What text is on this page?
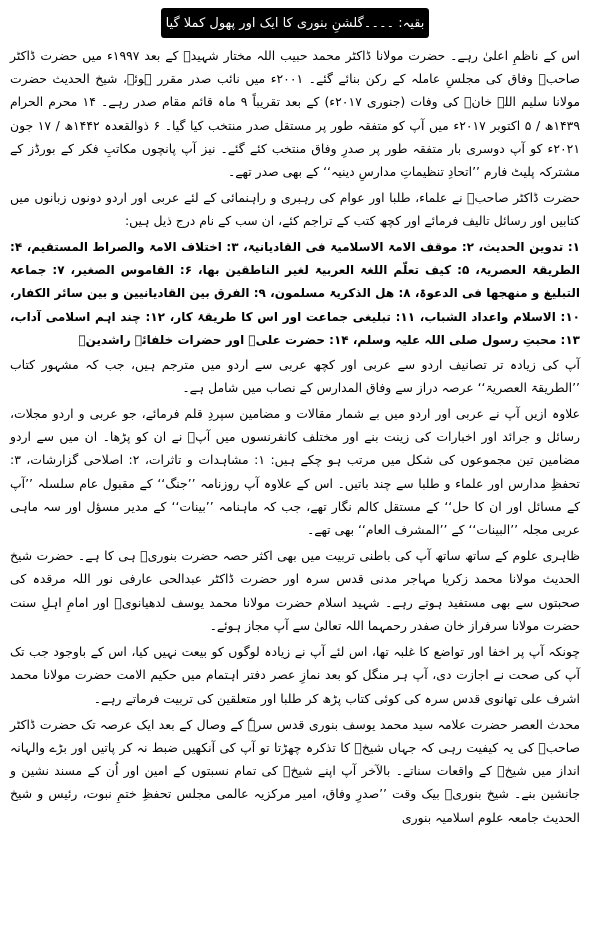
بقیہ: ۔۔۔۔گلشنِ بنوری کا ایک اور پھول کملا گیا

اس کے ناظمِ اعلیٰ رہے۔ حضرت مولانا ڈاکٹر محمد حبیب اللہ مختار شہیدؒ کے بعد ۱۹۹۷ء میں حضرت ڈاکٹر صاحبؒ وفاق کی مجلسِ عاملہ کے رکن بنائے گئے۔ ۲۰۰۱ء میں نائب صدر مقرر ہوئے، شیخ الحدیث حضرت مولانا سلیم اللہ خانؒ کی وفات (جنوری ۲۰۱۷ء) کے بعد تقریباً ۹ ماہ قائم مقام صدر رہے۔ ۱۴ محرم الحرام ۱۴۳۹ھ / ۵ اکتوبر ۲۰۱۷ء میں آپ کو متفقہ طور پر مستقل صدر منتخب کیا گیا۔ ۶ ذوالقعدہ ۱۴۴۲ھ / ۱۷ جون ۲۰۲۱ء کو آپ دوسری بار متفقہ طور پر صدرِ وفاق منتخب کئے گئے۔ نیز آپ پانچوں مکاتبِ فکر کے بورڈز کے مشترکہ پلیٹ فارم ’’اتحادِ تنظیماتِ مدارسِ دینیہ‘‘ کے بھی صدر تھے۔

حضرت ڈاکٹر صاحبؒ نے علماء، طلبا اور عوام کی رہبری و راہنمائی کے لئے عربی اور اردو دونوں زبانوں میں کتابیں اور رسائل تالیف فرمائے اور کچھ کتب کے تراجم کئے، ان سب کے نام درج ذیل ہیں:

۱: تدوین الحدیث، ۲: موقف الامۃ الاسلامیۃ فی القادیانیۃ، ۳: اختلاف الامۃ والصراط المستقیم، ۴: الطریقۃ العصریۃ، ۵: کیف تعلّم اللغۃ العربیۃ لغیر الناطقین بھا، ۶: القاموس الصغیر، ۷: جماعۃ التبلیغ و منھجھا فی الدعوۃ، ۸: ھل الذکریۃ مسلمون، ۹: الفرق بین القادیانیین و بین سائر الکفار، ۱۰: الاسلام واعداد الشباب، ۱۱: تبلیغی جماعت اور اس کا طریقۂ کار، ۱۲: چند اہم اسلامی آداب، ۱۳: محبتِ رسول صلی اللہ علیہ وسلم، ۱۴: حضرت علیؓ اور حضرات خلفائے راشدینؓ

آپ کی زیادہ تر تصانیف اردو سے عربی اور کچھ عربی سے اردو میں مترجم ہیں، جب کہ مشہور کتاب ’’الطریقۃ العصریۃ‘‘ عرصہ دراز سے وفاق المدارس کے نصاب میں شامل ہے۔

علاوہ ازیں آپ نے عربی اور اردو میں بے شمار مقالات و مضامین سپردِ قلم فرمائے، جو عربی و اردو مجلات، رسائل و جرائد اور اخبارات کی زینت بنے اور مختلف کانفرنسوں میں آپؒ نے ان کو پڑھا۔ ان میں سے اردو مضامین تین مجموعوں کی شکل میں مرتب ہو چکے ہیں: ۱: مشاہدات و تاثرات، ۲: اصلاحی گزارشات، ۳: تحفظِ مدارس اور علماء و طلبا سے چند باتیں۔ اس کے علاوہ آپ روزنامہ ’’جنگ‘‘ کے مقبول عام سلسلہ ’’آپ کے مسائل اور ان کا حل‘‘ کے مستقل کالم نگار تھے، جب کہ ماہنامہ ’’بینات‘‘ کے مدیر مسؤل اور سہ ماہی عربی مجلہ ’’البینات‘‘ کے ’’المشرف العام‘‘ بھی تھے۔

ظاہری علوم کے ساتھ ساتھ آپ کی باطنی تربیت میں بھی اکثر حصہ حضرت بنوریؒ ہی کا ہے۔ حضرت شیخ الحدیث مولانا محمد زکریا مہاجر مدنی قدس سرہ اور حضرت ڈاکٹر عبدالحی عارفی نور اللہ مرقدہ کی صحبتوں سے بھی مستفید ہوتے رہے۔ شہید اسلام حضرت مولانا محمد یوسف لدھیانویؒ اور امامِ اہلِ سنت حضرت مولانا سرفراز خان صفدر رحمہما اللہ تعالیٰ سے آپ مجاز ہوئے۔

چونکہ آپ پر اخفا اور تواضع کا غلبہ تھا، اس لئے آپ نے زیادہ لوگوں کو بیعت نہیں کیا، اس کے باوجود جب تک آپ کی صحت نے اجازت دی، آپ ہر منگل کو بعد نمازِ عصر دفتر اہتمام میں حکیم الامت حضرت مولانا محمد اشرف علی تھانوی قدس سرہ کی کوئی کتاب پڑھ کر طلبا اور متعلقین کی تربیت فرماتے رہے۔

محدث العصر حضرت علامہ سید محمد یوسف بنوری قدس سرہٗ کے وصال کے بعد ایک عرصہ تک حضرت ڈاکٹر صاحبؒ کی یہ کیفیت رہی کہ جہاں شیخؒ کا تذکرہ چھڑتا تو آپ کی آنکھیں ضبط نہ کر پاتیں اور بڑے والہانہ انداز میں شیخؒ کے واقعات سناتے۔ بالآخر آپ اپنے شیخؒ کی تمام نسبتوں کے امین اور اُن کے مسند نشین و جانشین بنے۔ شیخ بنوریؒ بیک وقت ’’صدرِ وفاق، امیر مرکزیہ عالمی مجلس تحفظِ ختمِ نبوت، رئیس و شیخ الحدیث جامعہ علوم اسلامیہ بنوری
